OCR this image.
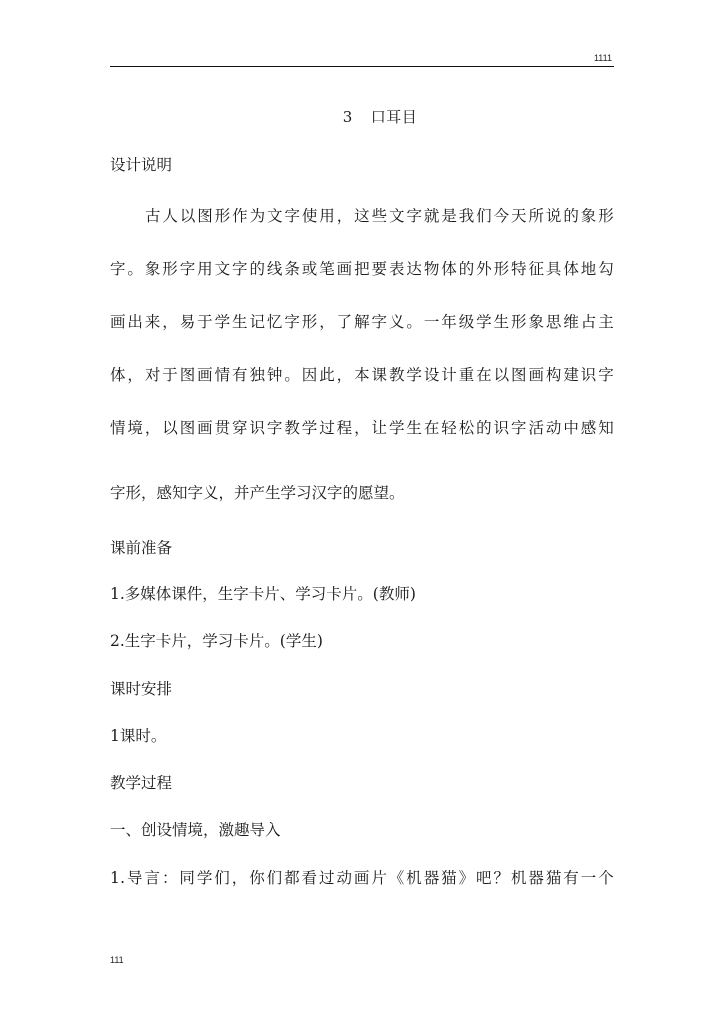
1111
3 口耳目
设计说明
古人以图形作为文字使用，这些文字就是我们今天所说的象形
字。象形字用文字的线条或笔画把要表达物体的外形特征具体地勾
画出来，易于学生记忆字形，了解字义。一年级学生形象思维占主
体，对于图画情有独钟。因此，本课教学设计重在以图画构建识字
情境，以图画贯穿识字教学过程，让学生在轻松的识字活动中感知
字形，感知字义，并产生学习汉字的愿望。
课前准备
1.多媒体课件，生字卡片、学习卡片。(教师)
2.生字卡片，学习卡片。(学生)
课时安排
1课时。
教学过程
一、创设情境，激趣导入
1.导言：同学们，你们都看过动画片《机器猫》吧？机器猫有一个
111
